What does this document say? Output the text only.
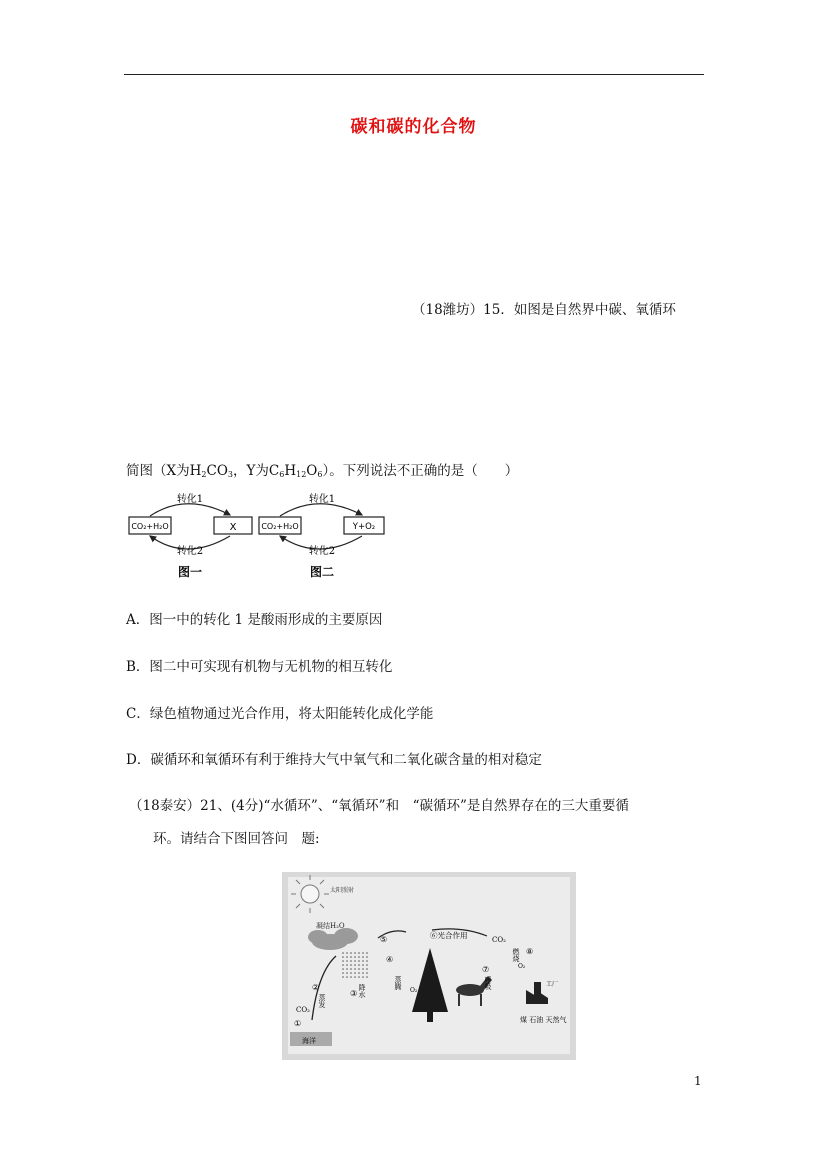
碳和碳的化合物
（18潍坊）15．如图是自然界中碳、氧循环
简图（X为$H_2CO_3$，Y为$C_6H_{12}O_6$）。下列说法不正确的是（　　）
CO₂+H₂O	X
转化1
转化2
图一
CO₂+H₂O	Y+O₂
转化1
转化2
图二
A．图一中的转化 1 是酸雨形成的主要原因
B．图二中可实现有机物与无机物的相互转化
C．绿色植物通过光合作用，将太阳能转化成化学能
D．碳循环和氧循环有利于维持大气中氧气和二氧化碳含量的相对稳定
（18泰安）21、(4分)“水循环”、“氧循环”和　“碳循环”是自然界存在的三大重要循
环。请结合下图回答问　题:
太阳照射
凝结H₂O
②
蒸发
③ 降水
④
蒸腾
⑤	⑥光合作用	CO₂
O₂
⑦
呼吸
燃烧 ⑧
O₂
工厂
煤 石油 天然气
海洋
CO₂
①
1
